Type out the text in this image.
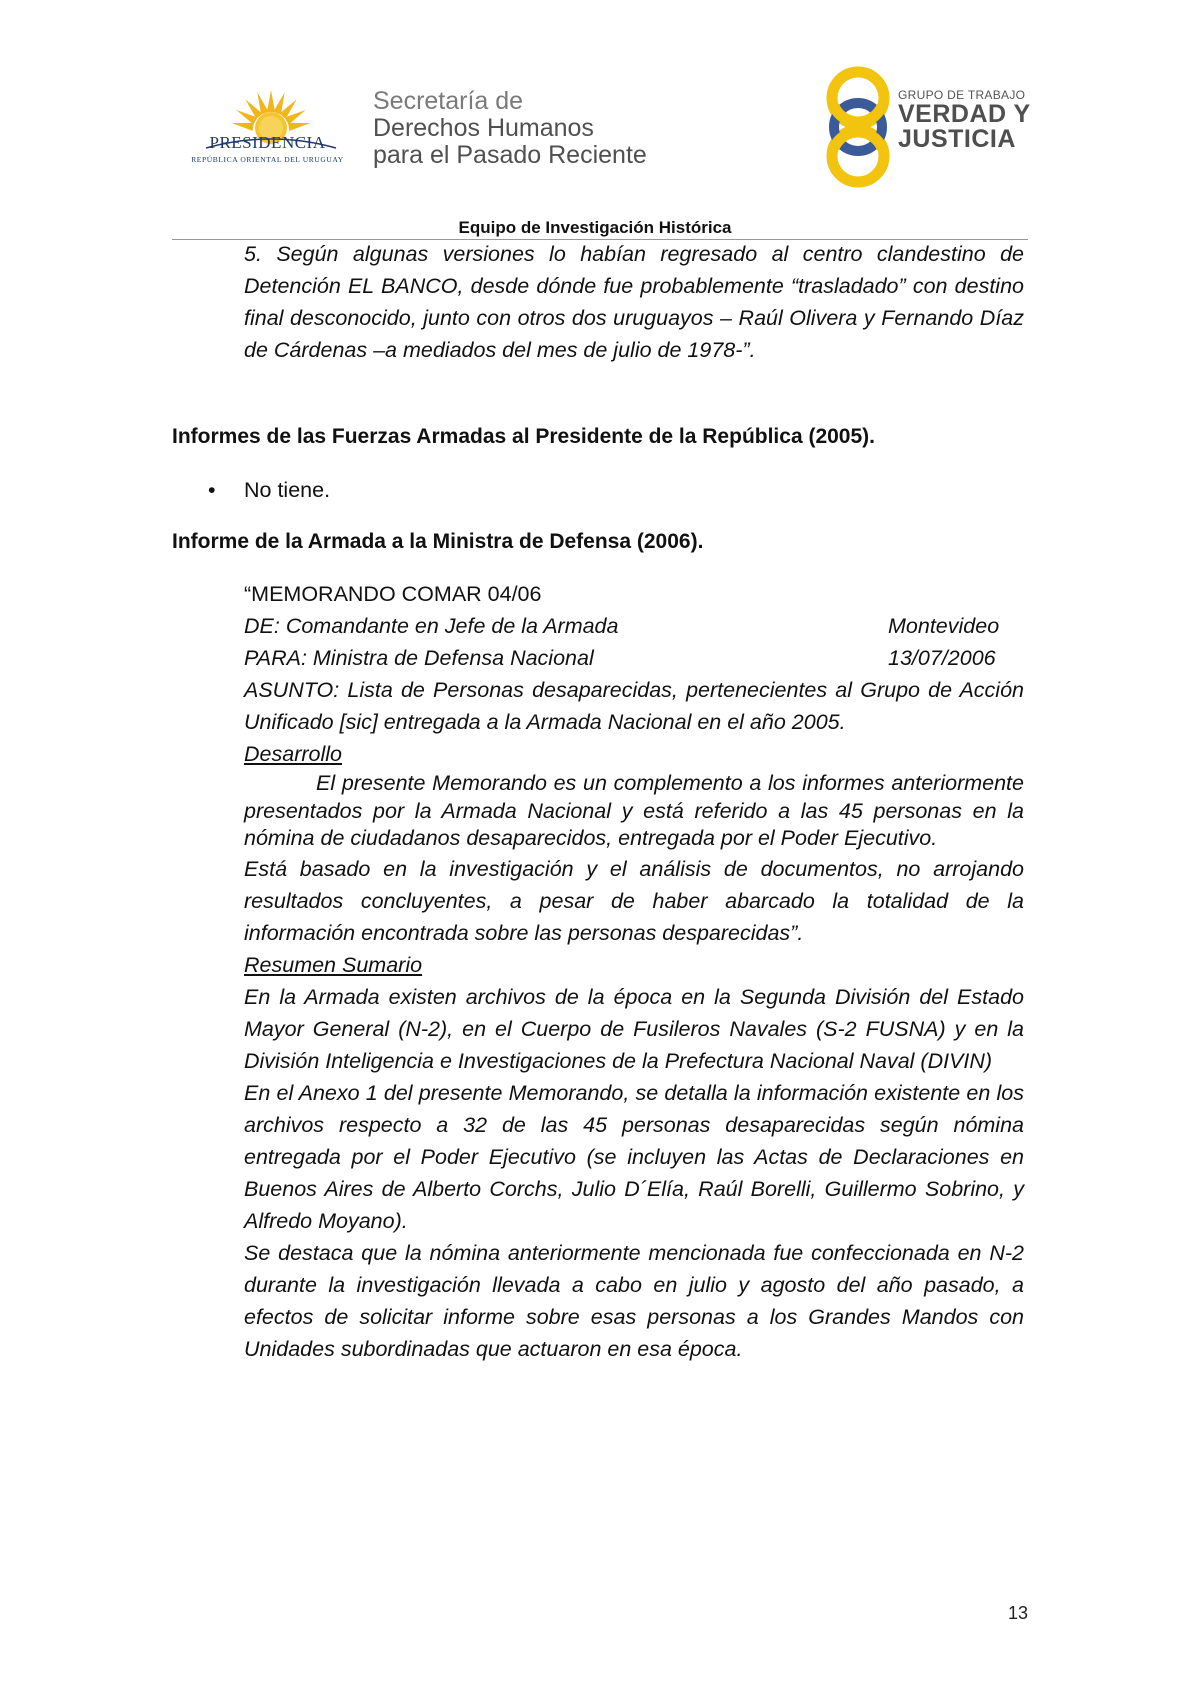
PRESIDENCIA
REPÚBLICA ORIENTAL DEL URUGUAY
Secretaría de
Derechos Humanos
para el Pasado Reciente
GRUPO DE TRABAJO
VERDAD Y
JUSTICIA
Equipo de Investigación Histórica
5. Según algunas versiones lo habían regresado al centro clandestino de Detención EL BANCO, desde dónde fue probablemente “trasladado” con destino final desconocido, junto con otros dos uruguayos – Raúl Olivera y Fernando Díaz de Cárdenas –a mediados del mes de julio de 1978-”.
Informes de las Fuerzas Armadas al Presidente de la República (2005).
• No tiene.
Informe de la Armada a la Ministra de Defensa (2006).
“MEMORANDO COMAR 04/06
DE: Comandante en Jefe de la Armada	Montevideo
PARA: Ministra de Defensa Nacional	13/07/2006
ASUNTO: Lista de Personas desaparecidas, pertenecientes al Grupo de Acción Unificado [sic] entregada a la Armada Nacional en el año 2005.
Desarrollo
El presente Memorando es un complemento a los informes anteriormente presentados por la Armada Nacional y está referido a las 45 personas en la nómina de ciudadanos desaparecidos, entregada por el Poder Ejecutivo.
Está basado en la investigación y el análisis de documentos, no arrojando resultados concluyentes, a pesar de haber abarcado la totalidad de la información encontrada sobre las personas desparecidas”.
Resumen Sumario
En la Armada existen archivos de la época en la Segunda División del Estado Mayor General (N-2), en el Cuerpo de Fusileros Navales (S-2 FUSNA) y en la División Inteligencia e Investigaciones de la Prefectura Nacional Naval (DIVIN)
En el Anexo 1 del presente Memorando, se detalla la información existente en los archivos respecto a 32 de las 45 personas desaparecidas según nómina entregada por el Poder Ejecutivo (se incluyen las Actas de Declaraciones en Buenos Aires de Alberto Corchs, Julio D´Elía, Raúl Borelli, Guillermo Sobrino, y Alfredo Moyano).
Se destaca que la nómina anteriormente mencionada fue confeccionada en N-2 durante la investigación llevada a cabo en julio y agosto del año pasado, a efectos de solicitar informe sobre esas personas a los Grandes Mandos con Unidades subordinadas que actuaron en esa época.
13
